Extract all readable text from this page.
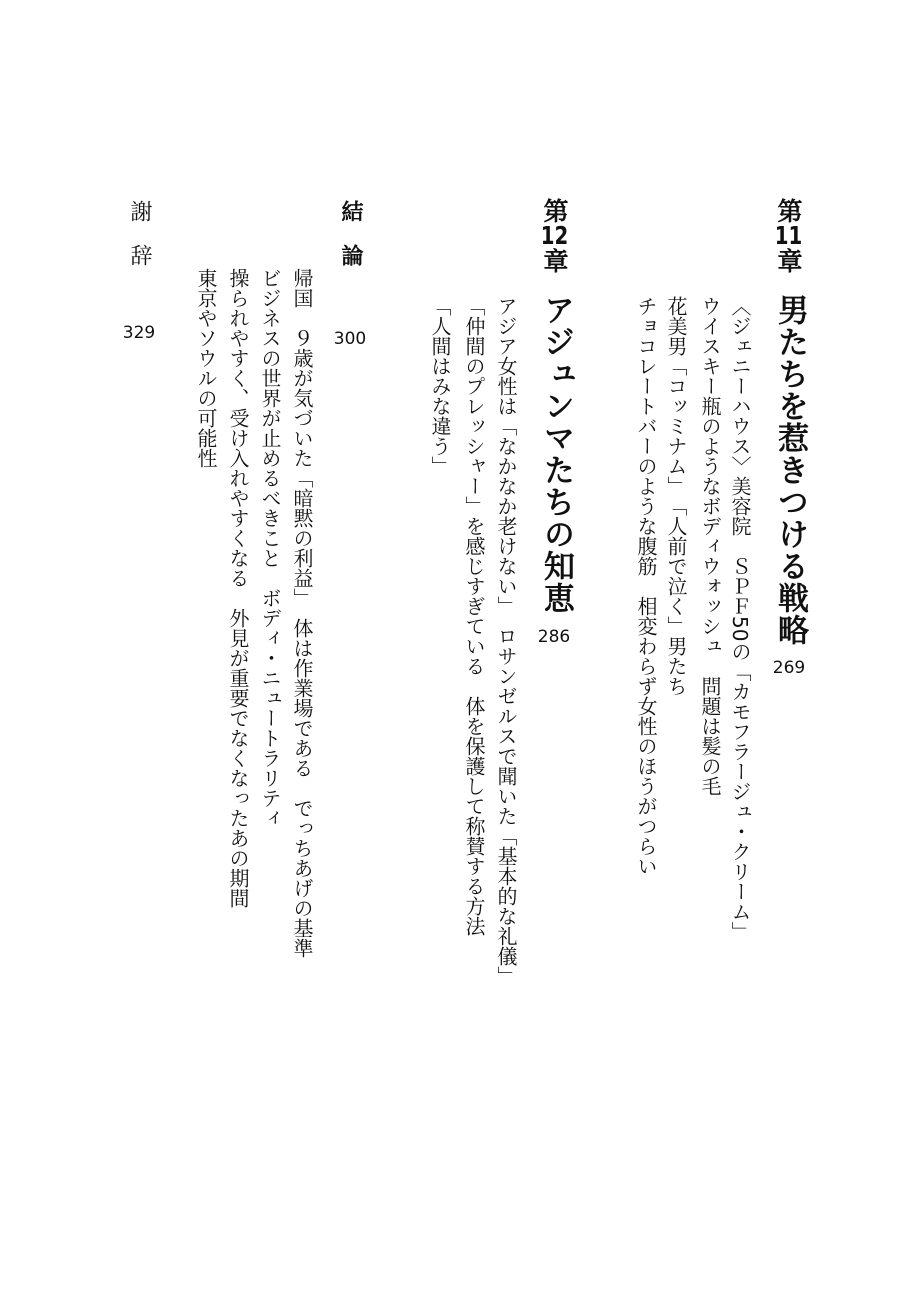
第11章
男たちを惹きつける戦略
269
〈ジェニーハウス〉美容院　ＳＰＦ50の「カモフラージュ・クリーム」
ウイスキー瓶のようなボディウォッシュ　問題は髪の毛
花美男「コッミナム」　「人前で泣く」男たち
チョコレートバーのような腹筋　相変わらず女性のほうがつらい
第12章
アジュンマたちの知恵
286
アジア女性は「なかなか老けない」　ロサンゼルスで聞いた「基本的な礼儀」
「仲間のプレッシャー」を感じすぎている　体を保護して称賛する方法
「人間はみな違う」
結論
300
帰国　９歳が気づいた「暗黙の利益」　体は作業場である　でっちあげの基準
ビジネスの世界が止めるべきこと　ボディ・ニュートラリティ
操られやすく、受け入れやすくなる　外見が重要でなくなったあの期間
東京やソウルの可能性
謝辞
329
